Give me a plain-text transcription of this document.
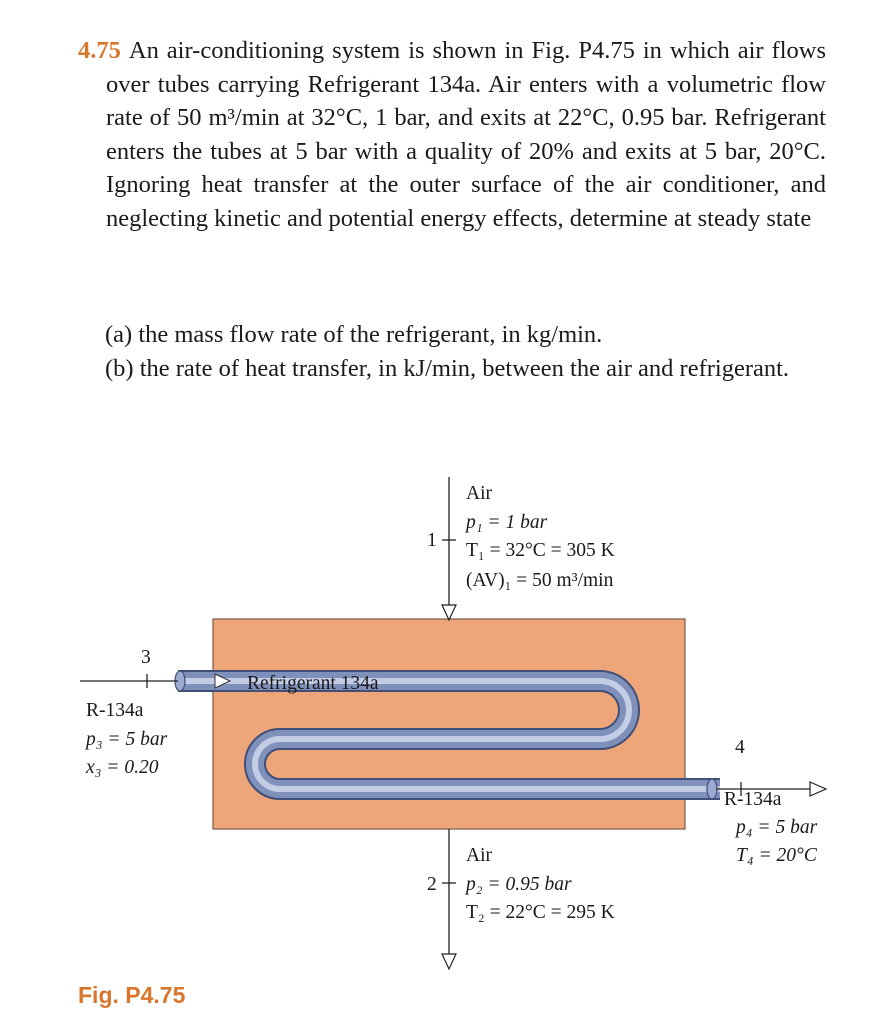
4.75 An air-conditioning system is shown in Fig. P4.75 in which air flows over tubes carrying Refrigerant 134a. Air enters with a volumetric flow rate of 50 m³/min at 32°C, 1 bar, and exits at 22°C, 0.95 bar. Refrigerant enters the tubes at 5 bar with a quality of 20% and exits at 5 bar, 20°C. Ignoring heat transfer at the outer surface of the air conditioner, and neglecting kinetic and potential energy effects, determine at steady state

(a) the mass flow rate of the refrigerant, in kg/min.

(b) the rate of heat transfer, in kJ/min, between the air and refrigerant.

Refrigerant 134a
1
Air
p₁ = 1 bar
T₁ = 32°C = 305 K
(AV)₁ = 50 m³/min
2
Air
p₂ = 0.95 bar
T₂ = 22°C = 295 K
3
R-134a
p₃ = 5 bar
x₃ = 0.20
4
R-134a
p₄ = 5 bar
T₄ = 20°C
Fig. P4.75
